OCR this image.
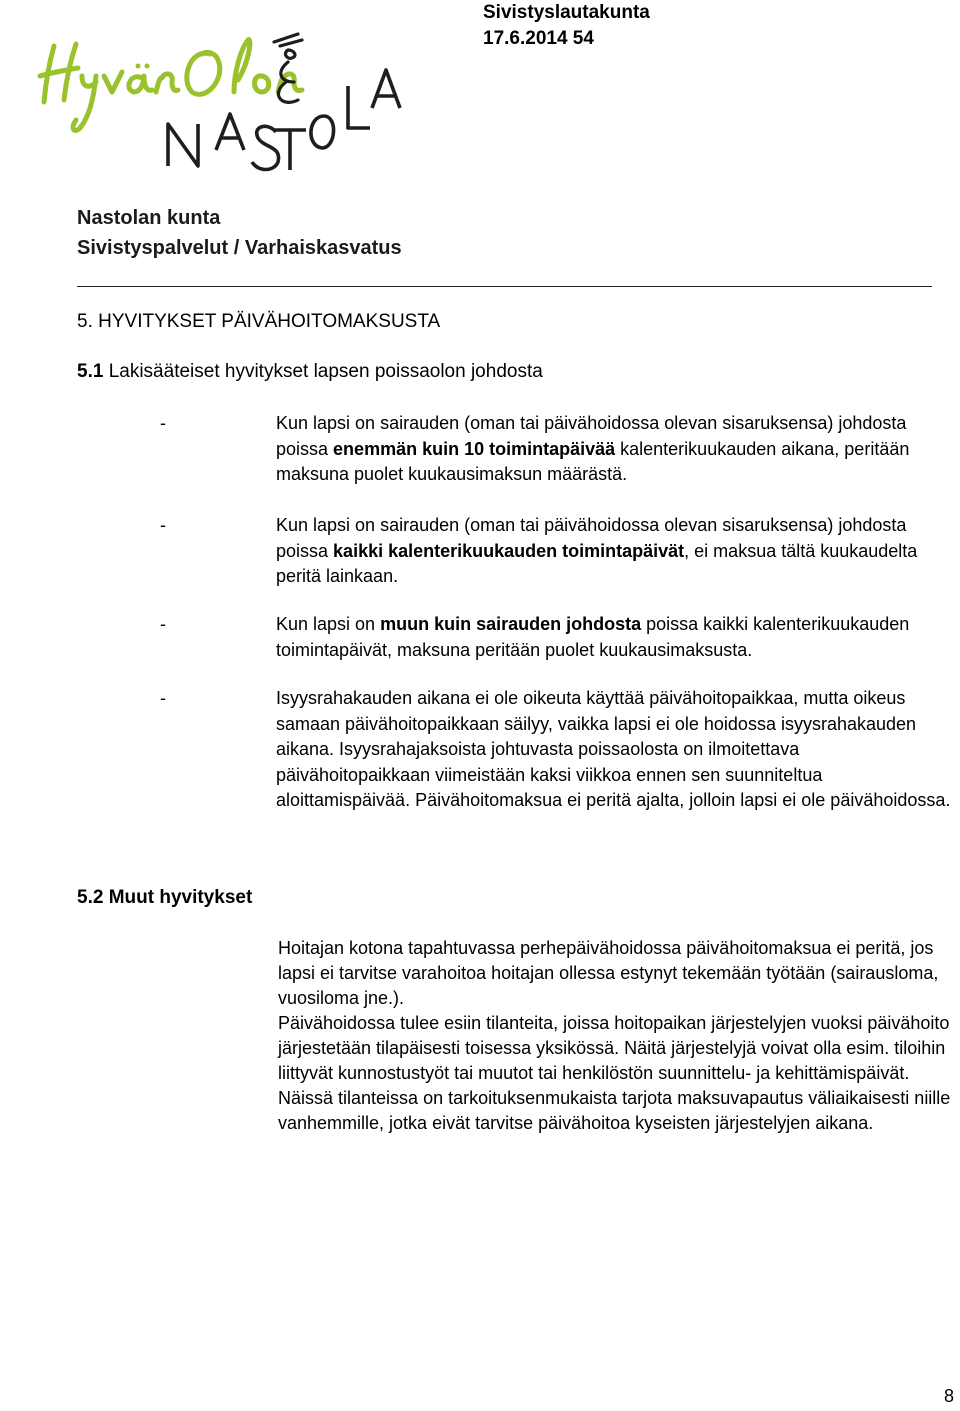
Sivistyslautakunta
17.6.2014 54
Nastolan kunta
Sivistyspalvelut / Varhaiskasvatus
5. HYVITYKSET PÄIVÄHOITOMAKSUSTA
5.1 Lakisääteiset hyvitykset lapsen poissaolon johdosta
-	Kun lapsi on sairauden (oman tai päivähoidossa olevan sisaruksensa) johdosta poissa enemmän kuin 10 toimintapäivää kalenterikuukauden aikana, peritään maksuna puolet kuukausimaksun määrästä.
-	Kun lapsi on sairauden (oman tai päivähoidossa olevan sisaruksensa) johdosta poissa kaikki kalenterikuukauden toimintapäivät, ei maksua tältä kuukaudelta peritä lainkaan.
-	Kun lapsi on muun kuin sairauden johdosta poissa kaikki kalenterikuukauden toimintapäivät, maksuna peritään puolet kuukausimaksusta.
-	Isyysrahakauden aikana ei ole oikeuta käyttää päivähoitopaikkaa, mutta oikeus samaan päivähoitopaikkaan säilyy, vaikka lapsi ei ole hoidossa isyysrahakauden aikana. Isyysrahajaksoista johtuvasta poissaolosta on ilmoitettava päivähoitopaikkaan viimeistään kaksi viikkoa ennen sen suunniteltua aloittamispäivää. Päivähoitomaksua ei peritä ajalta, jolloin lapsi ei ole päivähoidossa.
5.2 Muut hyvitykset
Hoitajan kotona tapahtuvassa perhepäivähoidossa päivähoitomaksua ei peritä, jos lapsi ei tarvitse varahoitoa hoitajan ollessa estynyt tekemään työtään (sairausloma, vuosiloma jne.).
Päivähoidossa tulee esiin tilanteita, joissa hoitopaikan järjestelyjen vuoksi päivähoito järjestetään tilapäisesti toisessa yksikössä. Näitä järjestelyjä voivat olla esim. tiloihin liittyvät kunnostustyöt tai muutot tai henkilöstön suunnittelu- ja kehittämispäivät. Näissä tilanteissa on tarkoituksenmukaista tarjota maksuvapautus väliaikaisesti niille vanhemmille, jotka eivät tarvitse päivähoitoa kyseisten järjestelyjen aikana.
8
